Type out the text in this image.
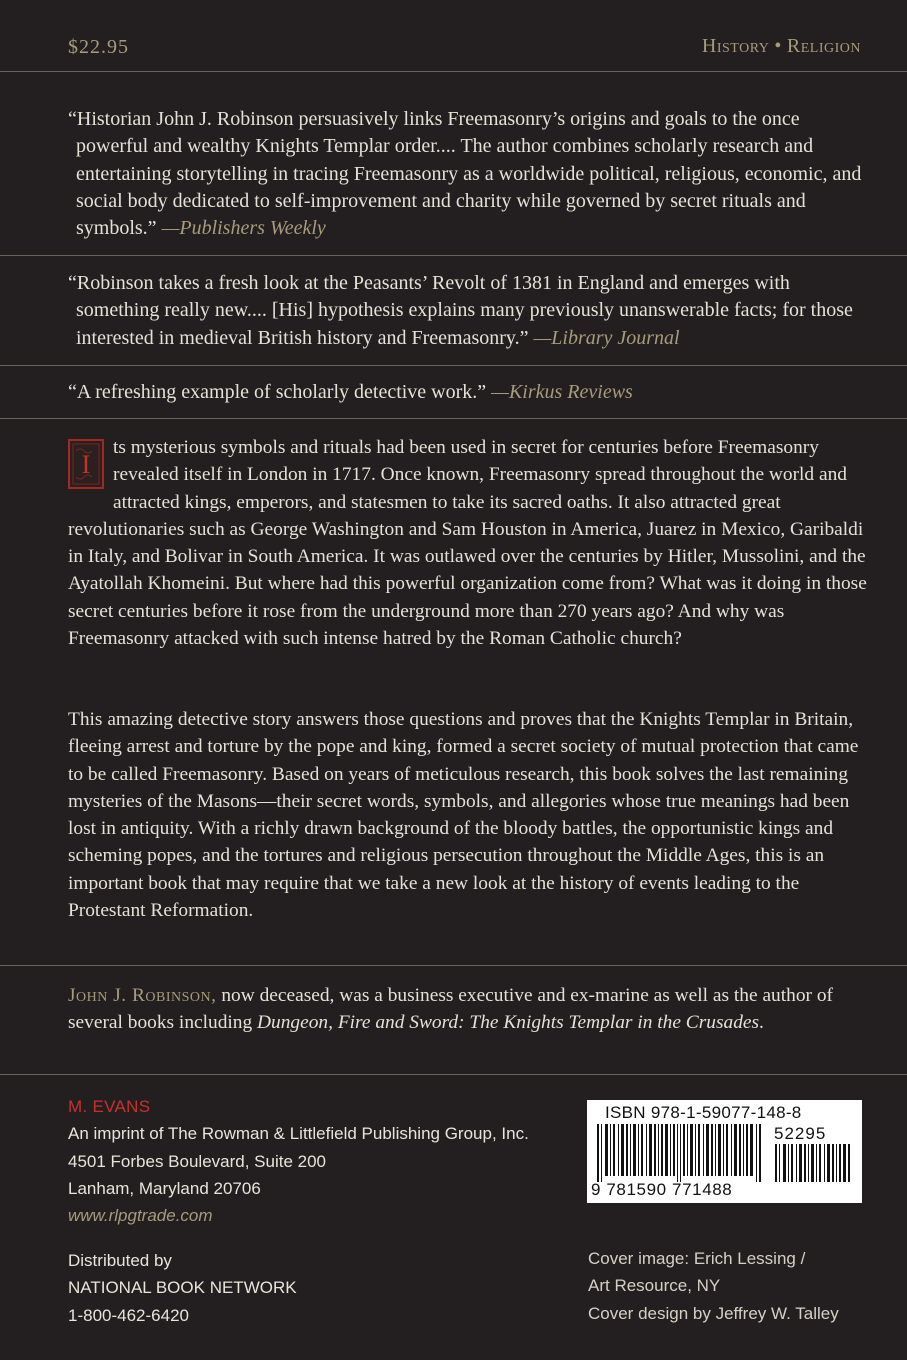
$22.95	History • Religion
“Historian John J. Robinson persuasively links Freemasonry’s origins and goals to the once powerful and wealthy Knights Templar order.... The author combines scholarly research and entertaining storytelling in tracing Freemasonry as a worldwide political, religious, economic, and social body dedicated to self-improvement and charity while governed by secret rituals and symbols.” —Publishers Weekly
“Robinson takes a fresh look at the Peasants’ Revolt of 1381 in England and emerges with something really new.... [His] hypothesis explains many previously unanswerable facts; for those interested in medieval British history and Freemasonry.” —Library Journal
“A refreshing example of scholarly detective work.” —Kirkus Reviews
I
ts mysterious symbols and rituals had been used in secret for centuries before Freemasonry revealed itself in London in 1717. Once known, Freemasonry spread throughout the world and attracted kings, emperors, and statesmen to take its sacred oaths. It also attracted great revolutionaries such as George Washington and Sam Houston in America, Juarez in Mexico, Garibaldi in Italy, and Bolivar in South America. It was outlawed over the centuries by Hitler, Mussolini, and the Ayatollah Khomeini. But where had this powerful organization come from? What was it doing in those secret centuries before it rose from the underground more than 270 years ago? And why was Freemasonry attacked with such intense hatred by the Roman Catholic church?
This amazing detective story answers those questions and proves that the Knights Templar in Britain, fleeing arrest and torture by the pope and king, formed a secret society of mutual protection that came to be called Freemasonry. Based on years of meticulous research, this book solves the last remaining mysteries of the Masons—their secret words, symbols, and allegories whose true meanings had been lost in antiquity. With a richly drawn background of the bloody battles, the opportunistic kings and scheming popes, and the tortures and religious persecution throughout the Middle Ages, this is an important book that may require that we take a new look at the history of events leading to the Protestant Reformation.
John J. Robinson, now deceased, was a business executive and ex-marine as well as the author of several books including Dungeon, Fire and Sword: The Knights Templar in the Crusades.
M. EVANS
An imprint of The Rowman & Littlefield Publishing Group, Inc.
4501 Forbes Boulevard, Suite 200
Lanham, Maryland 20706
www.rlpgtrade.com
Distributed by
NATIONAL BOOK NETWORK
1-800-462-6420
ISBN 978-1-59077-148-8
52295
9 781590 771488
Cover image: Erich Lessing /
Art Resource, NY
Cover design by Jeffrey W. Talley
